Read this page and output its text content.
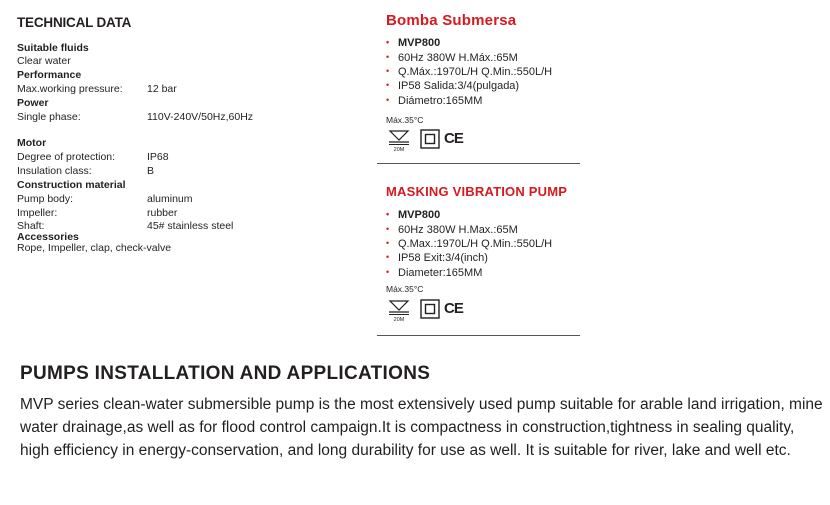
TECHNICAL DATA
Suitable fluids
Clear water
Performance
Max.working pressure: 12 bar
Power
Single phase:	110V-240V/50Hz,60Hz
Motor
Degree of protection:	IP68
Insulation class:	B
Construction material
Pump body:	aluminum
Impeller:	rubber
Shaft:	45# stainless steel
Accessories
Rope, Impeller, clap, check-valve
Bomba Submersa
• MVP800
• 60Hz 380W H.Máx.:65M
• Q.Máx.:1970L/H Q.Min.:550L/H
• IP58 Salida:3/4(pulgada)
• Diámetro:165MM
Máx.35°C
20M
CE
MASKING VIBRATION PUMP
• MVP800
• 60Hz 380W H.Max.:65M
• Q.Max.:1970L/H Q.Min.:550L/H
• IP58 Exit:3/4(inch)
• Diameter:165MM
Máx.35°C
20M
CE
PUMPS INSTALLATION AND APPLICATIONS
MVP series clean-water submersible pump is the most extensively used pump suitable for arable land irrigation, mine water drainage,as well as for flood control campaign.It is compactness in construction,tightness in sealing quality, high efficiency in energy-conservation, and long durability for use as well. It is suitable for river, lake and well etc.
